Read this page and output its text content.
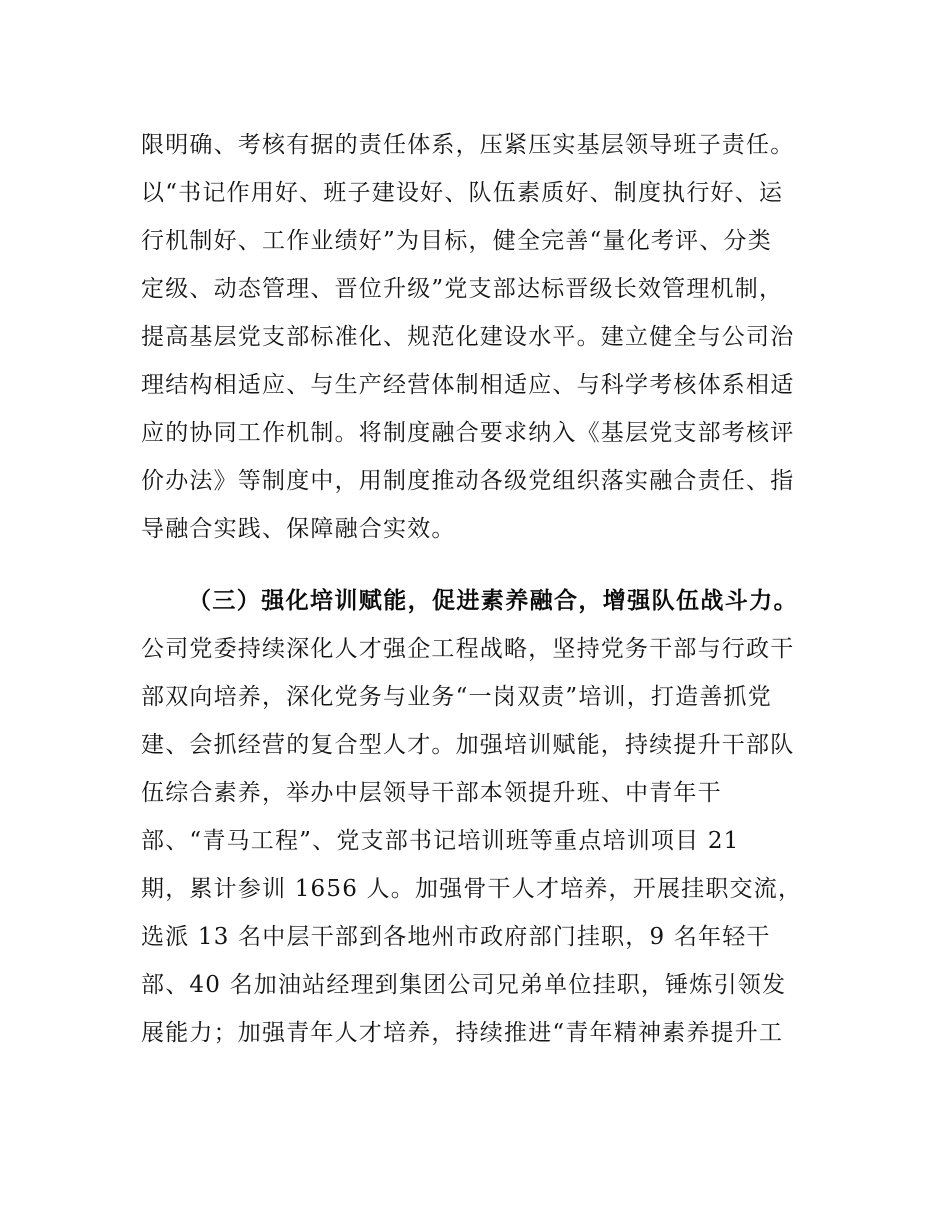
限明确、考核有据的责任体系，压紧压实基层领导班子责任。
以“书记作用好、班子建设好、队伍素质好、制度执行好、运
行机制好、工作业绩好”为目标，健全完善“量化考评、分类
定级、动态管理、晋位升级”党支部达标晋级长效管理机制，
提高基层党支部标准化、规范化建设水平。建立健全与公司治
理结构相适应、与生产经营体制相适应、与科学考核体系相适
应的协同工作机制。将制度融合要求纳入《基层党支部考核评
价办法》等制度中，用制度推动各级党组织落实融合责任、指
导融合实践、保障融合实效。
（三）强化培训赋能，促进素养融合，增强队伍战斗力。
公司党委持续深化人才强企工程战略，坚持党务干部与行政干
部双向培养，深化党务与业务“一岗双责”培训，打造善抓党
建、会抓经营的复合型人才。加强培训赋能，持续提升干部队
伍综合素养，举办中层领导干部本领提升班、中青年干
部、“青马工程”、党支部书记培训班等重点培训项目 21
期，累计参训 1656 人。加强骨干人才培养，开展挂职交流，
选派 13 名中层干部到各地州市政府部门挂职，9 名年轻干
部、40 名加油站经理到集团公司兄弟单位挂职，锤炼引领发
展能力；加强青年人才培养，持续推进“青年精神素养提升工
